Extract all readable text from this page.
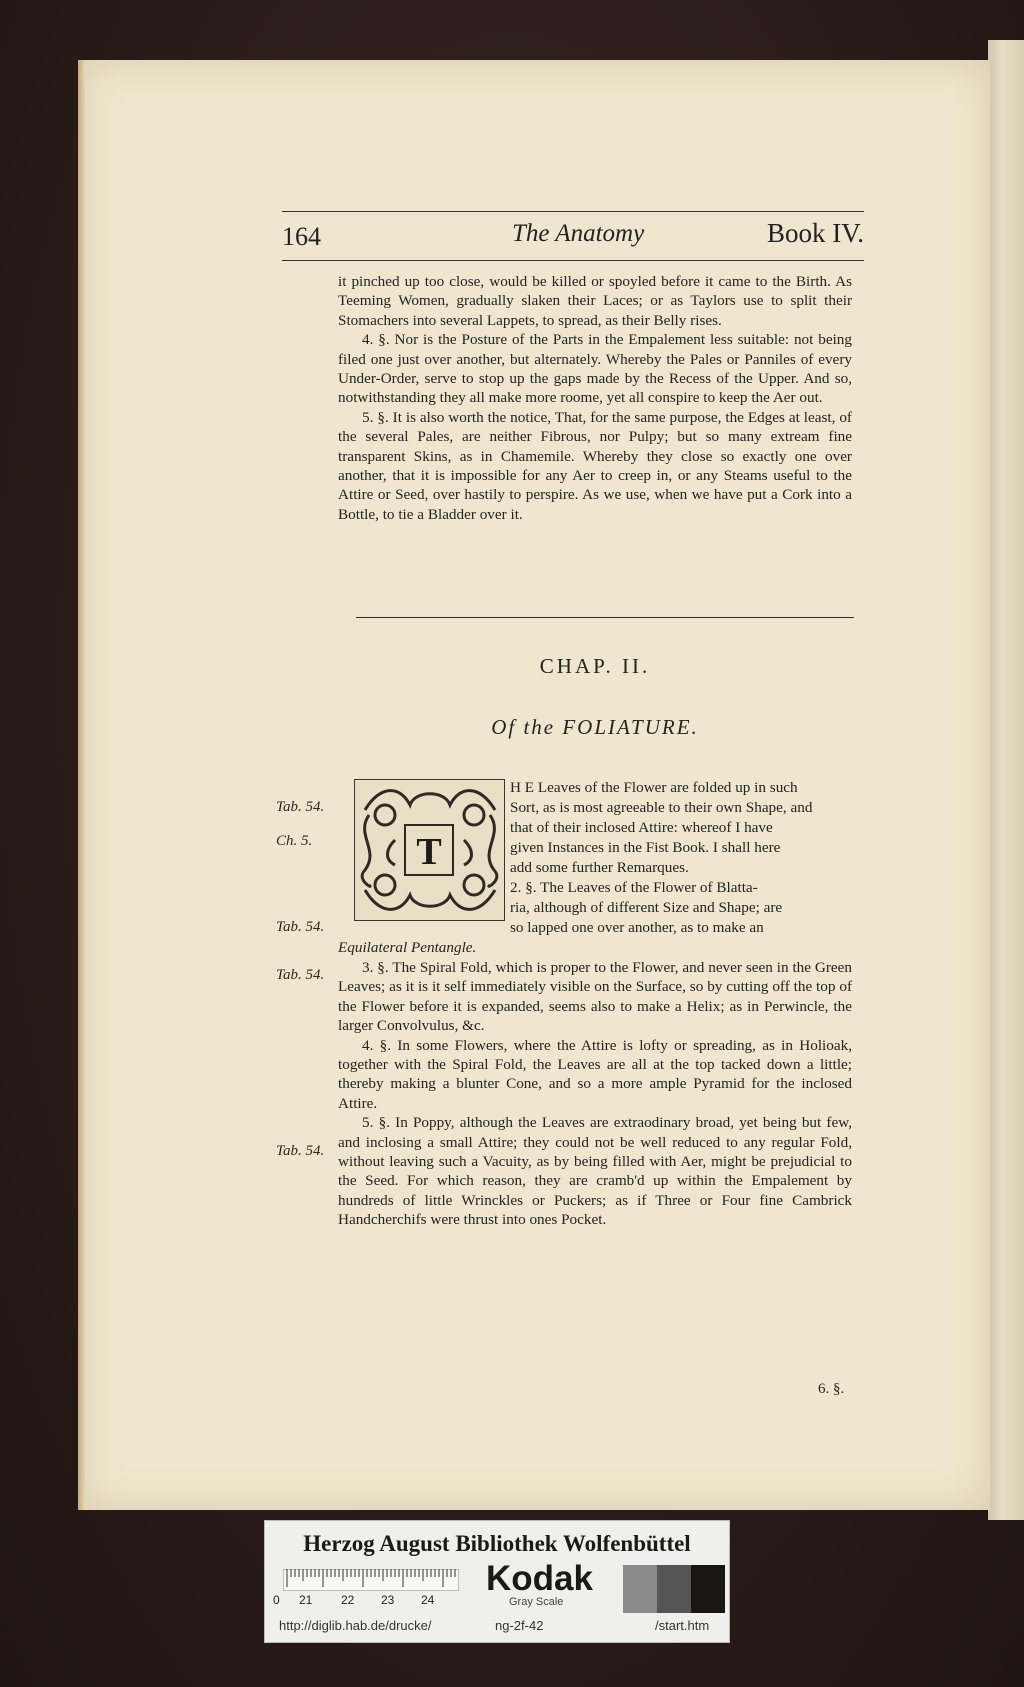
164	The Anatomy	Book IV.

it pinched up too close, would be killed or spoyled before it came to the Birth. As Teeming Women, gradually slaken their Laces; or as Taylors use to split their Stomachers into several Lappets, to spread, as their Belly rises.

4. §. Nor is the Posture of the Parts in the Empalement less suitable: not being filed one just over another, but alternately. Whereby the Pales or Panniles of every Under-Order, serve to stop up the gaps made by the Recess of the Upper. And so, notwithstanding they all make more roome, yet all conspire to keep the Aer out.

5. §. It is also worth the notice, That, for the same purpose, the Edges at least, of the several Pales, are neither Fibrous, nor Pulpy; but so many extream fine transparent Skins, as in Chamemile. Whereby they close so exactly one over another, that it is impossible for any Aer to creep in, or any Steams useful to the Attire or Seed, over hastily to perspire. As we use, when we have put a Cork into a Bottle, to tie a Bladder over it.

CHAP. II.
Of the FOLIATURE.
T
H E Leaves of the Flower are folded up in such
Sort, as is most agreeable to their own Shape, and
that of their inclosed Attire: whereof I have
given Instances in the Fist Book. I shall here
add some further Remarques.
2. §. The Leaves of the Flower of Blatta-
ria, although of different Size and Shape; are
so lapped one over another, as to make an
Equilateral Pentangle.

3. §. The Spiral Fold, which is proper to the Flower, and never seen in the Green Leaves; as it is it self immediately visible on the Surface, so by cutting off the top of the Flower before it is expanded, seems also to make a Helix; as in Perwincle, the larger Convolvulus, &c.

4. §. In some Flowers, where the Attire is lofty or spreading, as in Holioak, together with the Spiral Fold, the Leaves are all at the top tacked down a little; thereby making a blunter Cone, and so a more ample Pyramid for the inclosed Attire.

5. §. In Poppy, although the Leaves are extraodinary broad, yet being but few, and inclosing a small Attire; they could not be well reduced to any regular Fold, without leaving such a Vacuity, as by being filled with Aer, might be prejudicial to the Seed. For which reason, they are cramb'd up within the Empalement by hundreds of little Wrinckles or Puckers; as if Three or Four fine Cambrick Handcherchifs were thrust into ones Pocket.

Tab. 54.
Ch. 5.
Tab. 54.
Tab. 54.
Tab. 54.
6. §.
Herzog August Bibliothek Wolfenbüttel
0 21 22 23 24
Kodak
Gray Scale
http://diglib.hab.de/drucke/	ng-2f-42	/start.htm
